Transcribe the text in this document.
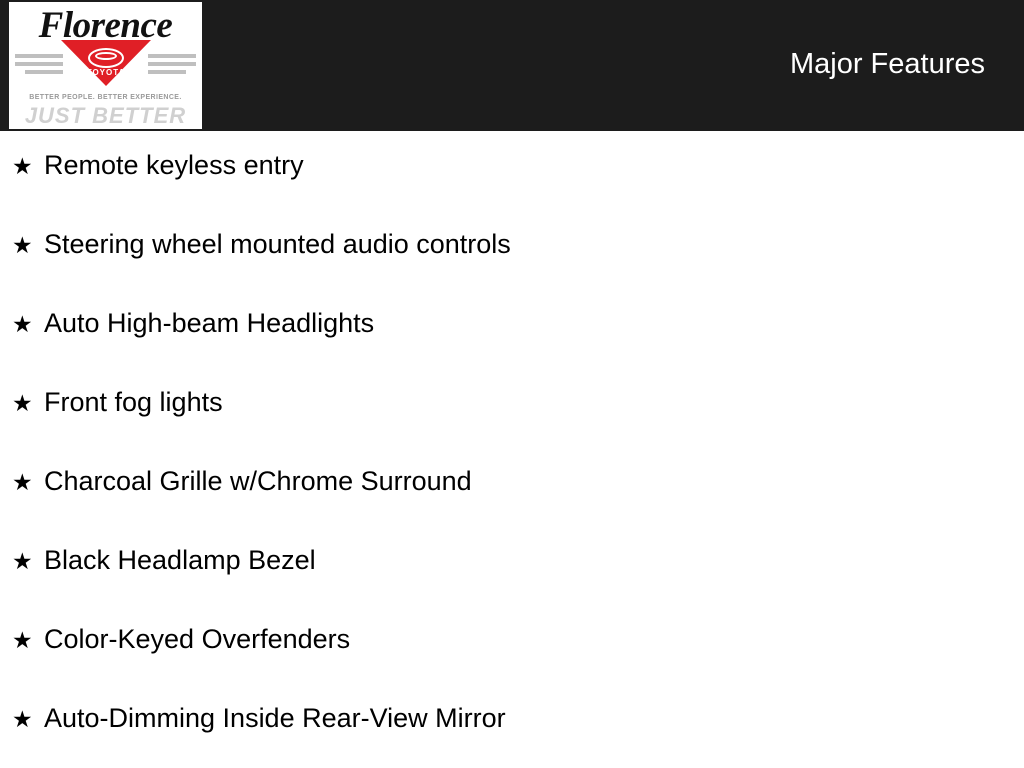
Florence
TOYOTA
BETTER PEOPLE. BETTER EXPERIENCE.
JUST BETTER
Major Features
★ Remote keyless entry
★ Steering wheel mounted audio controls
★ Auto High-beam Headlights
★ Front fog lights
★ Charcoal Grille w/Chrome Surround
★ Black Headlamp Bezel
★ Color-Keyed Overfenders
★ Auto-Dimming Inside Rear-View Mirror
